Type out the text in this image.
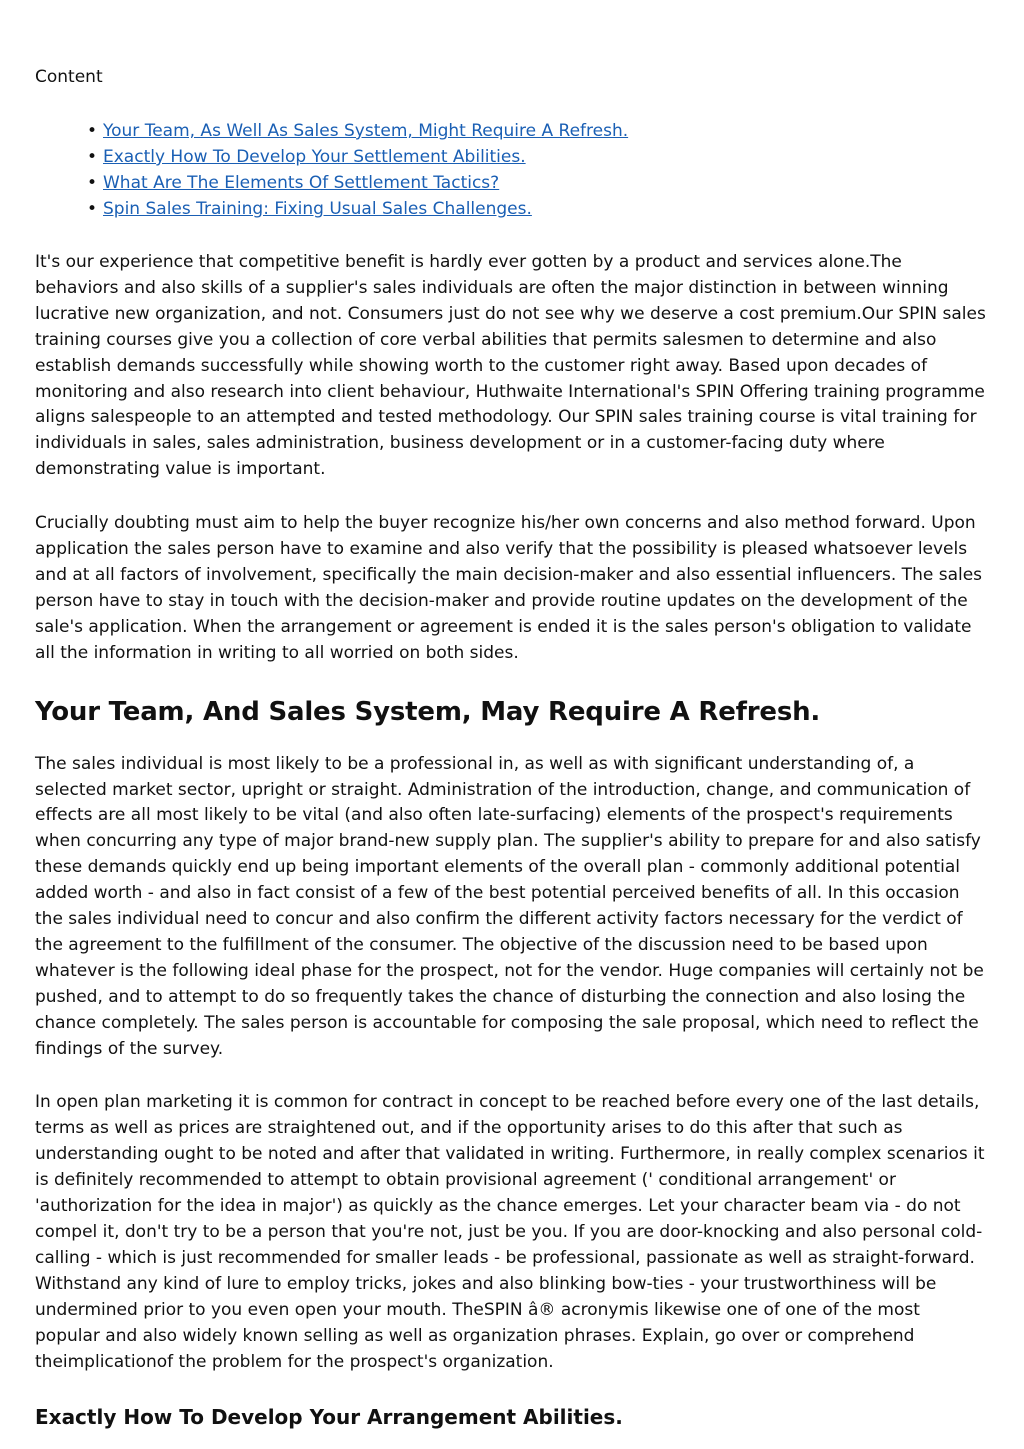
Content
• Your Team, As Well As Sales System, Might Require A Refresh.
• Exactly How To Develop Your Settlement Abilities.
• What Are The Elements Of Settlement Tactics?
• Spin Sales Training: Fixing Usual Sales Challenges.

It's our experience that competitive benefit is hardly ever gotten by a product and services alone.The behaviors and also skills of a supplier's sales individuals are often the major distinction in between winning lucrative new organization, and not. Consumers just do not see why we deserve a cost premium.Our SPIN sales training courses give you a collection of core verbal abilities that permits salesmen to determine and also establish demands successfully while showing worth to the customer right away. Based upon decades of monitoring and also research into client behaviour, Huthwaite International's SPIN Offering training programme aligns salespeople to an attempted and tested methodology. Our SPIN sales training course is vital training for individuals in sales, sales administration, business development or in a customer-facing duty where demonstrating value is important.

Crucially doubting must aim to help the buyer recognize his/her own concerns and also method forward. Upon application the sales person have to examine and also verify that the possibility is pleased whatsoever levels and at all factors of involvement, specifically the main decision-maker and also essential influencers. The sales person have to stay in touch with the decision-maker and provide routine updates on the development of the sale's application. When the arrangement or agreement is ended it is the sales person's obligation to validate all the information in writing to all worried on both sides.

Your Team, And Sales System, May Require A Refresh.

The sales individual is most likely to be a professional in, as well as with significant understanding of, a selected market sector, upright or straight. Administration of the introduction, change, and communication of effects are all most likely to be vital (and also often late-surfacing) elements of the prospect's requirements when concurring any type of major brand-new supply plan. The supplier's ability to prepare for and also satisfy these demands quickly end up being important elements of the overall plan - commonly additional potential added worth - and also in fact consist of a few of the best potential perceived benefits of all. In this occasion the sales individual need to concur and also confirm the different activity factors necessary for the verdict of the agreement to the fulfillment of the consumer. The objective of the discussion need to be based upon whatever is the following ideal phase for the prospect, not for the vendor. Huge companies will certainly not be pushed, and to attempt to do so frequently takes the chance of disturbing the connection and also losing the chance completely. The sales person is accountable for composing the sale proposal, which need to reflect the findings of the survey.

In open plan marketing it is common for contract in concept to be reached before every one of the last details, terms as well as prices are straightened out, and if the opportunity arises to do this after that such as understanding ought to be noted and after that validated in writing. Furthermore, in really complex scenarios it is definitely recommended to attempt to obtain provisional agreement (' conditional arrangement' or 'authorization for the idea in major') as quickly as the chance emerges. Let your character beam via - do not compel it, don't try to be a person that you're not, just be you. If you are door-knocking and also personal cold-calling - which is just recommended for smaller leads - be professional, passionate as well as straight-forward. Withstand any kind of lure to employ tricks, jokes and also blinking bow-ties - your trustworthiness will be undermined prior to you even open your mouth. TheSPIN â® acronymis likewise one of one of the most popular and also widely known selling as well as organization phrases. Explain, go over or comprehend theimplicationof the problem for the prospect's organization.

Exactly How To Develop Your Arrangement Abilities.
